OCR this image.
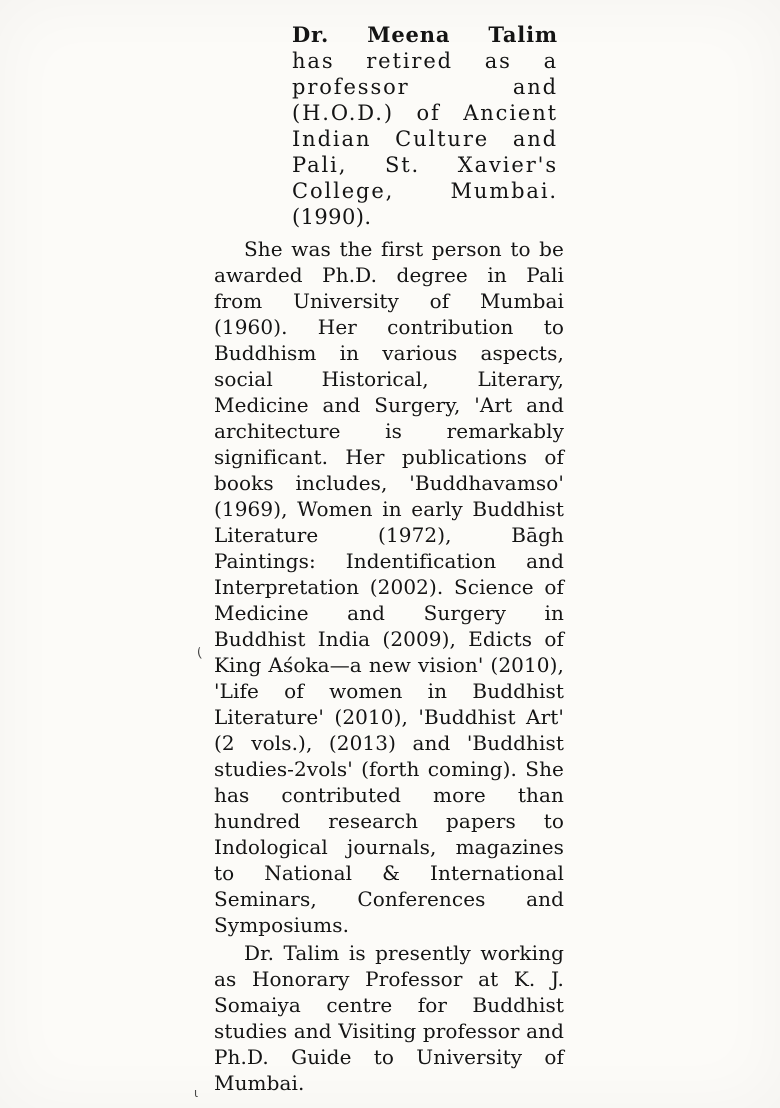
Dr. Meena Talim
has retired as a
professor and
(H.O.D.) of Ancient
Indian Culture and
Pali, St. Xavier's
College, Mumbai.
(1990).

She was the first person to be awarded Ph.D. degree in Pali from University of Mumbai (1960). Her contribution to Buddhism in various aspects, social Historical, Literary, Medicine and Surgery, 'Art and architecture is remarkably significant. Her publications of books includes, 'Buddhavamso' (1969), Women in early Buddhist Literature (1972), Bāgh Paintings: Indentification and Interpretation (2002). Science of Medicine and Surgery in Buddhist India (2009), Edicts of King Aśoka—a new vision' (2010), 'Life of women in Buddhist Literature' (2010), 'Buddhist Art' (2 vols.), (2013) and 'Buddhist studies-2vols' (forth coming). She has contributed more than hundred research papers to Indological journals, magazines to National & International Seminars, Conferences and Symposiums.

Dr. Talim is presently working as Honorary Professor at K. J. Somaiya centre for Buddhist studies and Visiting professor and Ph.D. Guide to University of Mumbai.

(
ι
